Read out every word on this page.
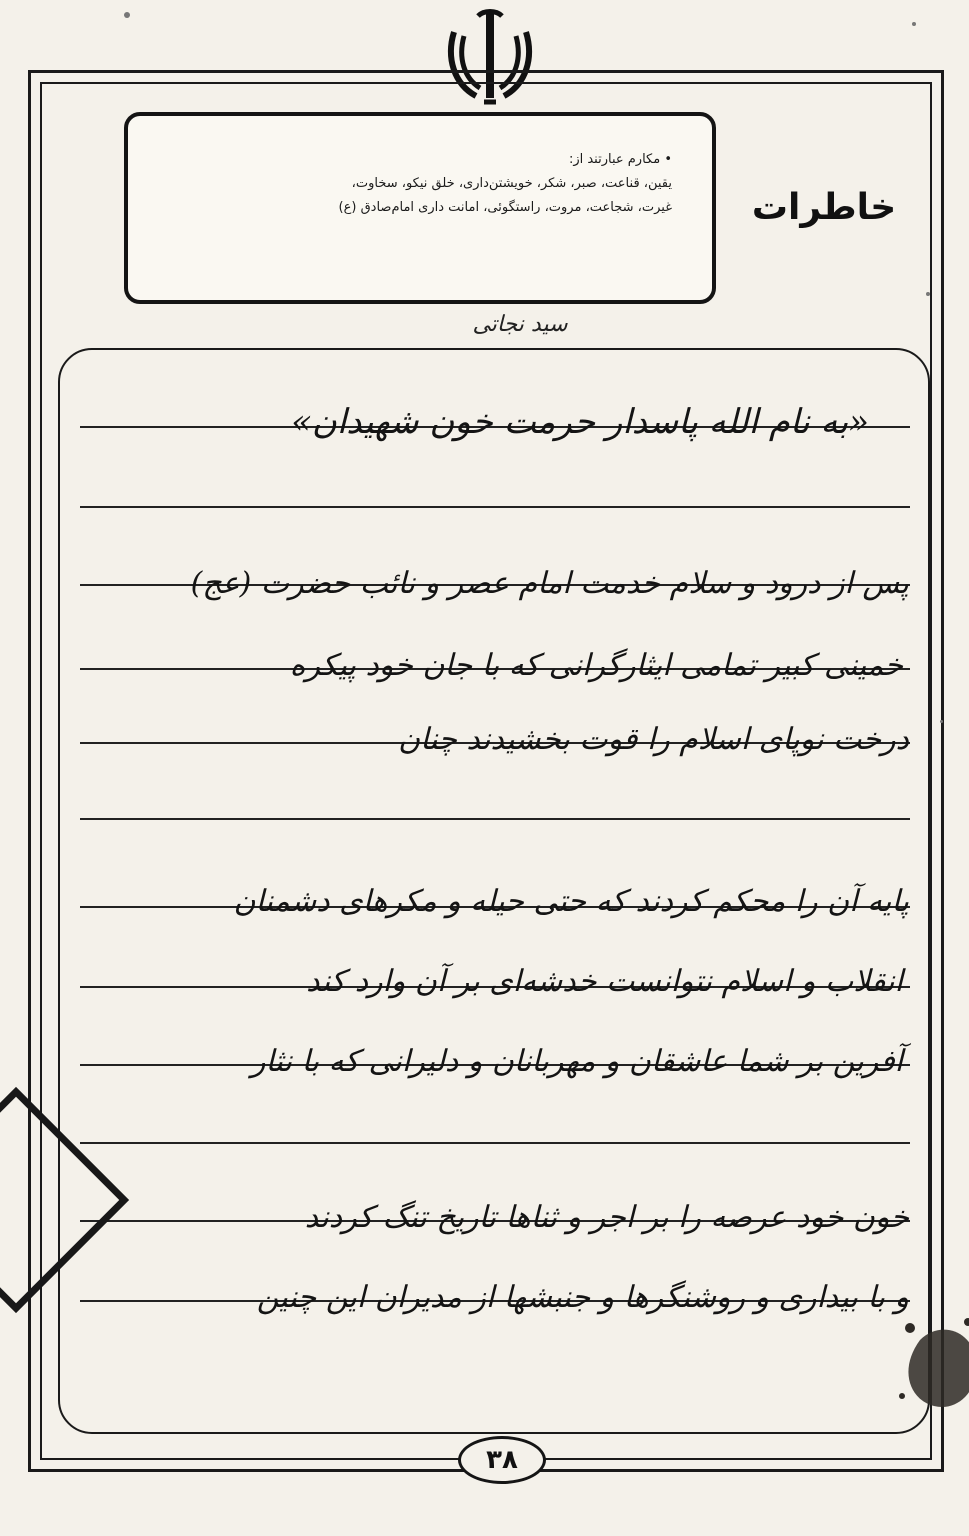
• مکارم عبارتند از:
یقین، قناعت، صبر، شکر، خویشتن‌داری، خلق نیکو، سخاوت،
غیرت، شجاعت، مروت، راستگوئی، امانت داری امام‌صادق (ع) خاطرات
سید نجاتی
«به نام الله پاسدار حرمت خون شهیدان»
پس از درود و سلام خدمت امام عصر و نائب حضرت (عج)
خمینی کبیر تمامی ایثارگرانی که با جان خود پیکره
درخت نوپای اسلام را قوت بخشیدند چنان
پایه آن را محکم کردند که حتی حیله و مکرهای دشمنان
انقلاب و اسلام نتوانست خدشه‌ای بر آن وارد کند
آفرین بر شما عاشقان و مهربانان و دلیرانی که با نثار
خون خود عرصه را بر اجر و ثناها تاریخ تنگ کردند
و با بیداری و روشنگرها و جنبشها از مدیران این چنین
۳۸
